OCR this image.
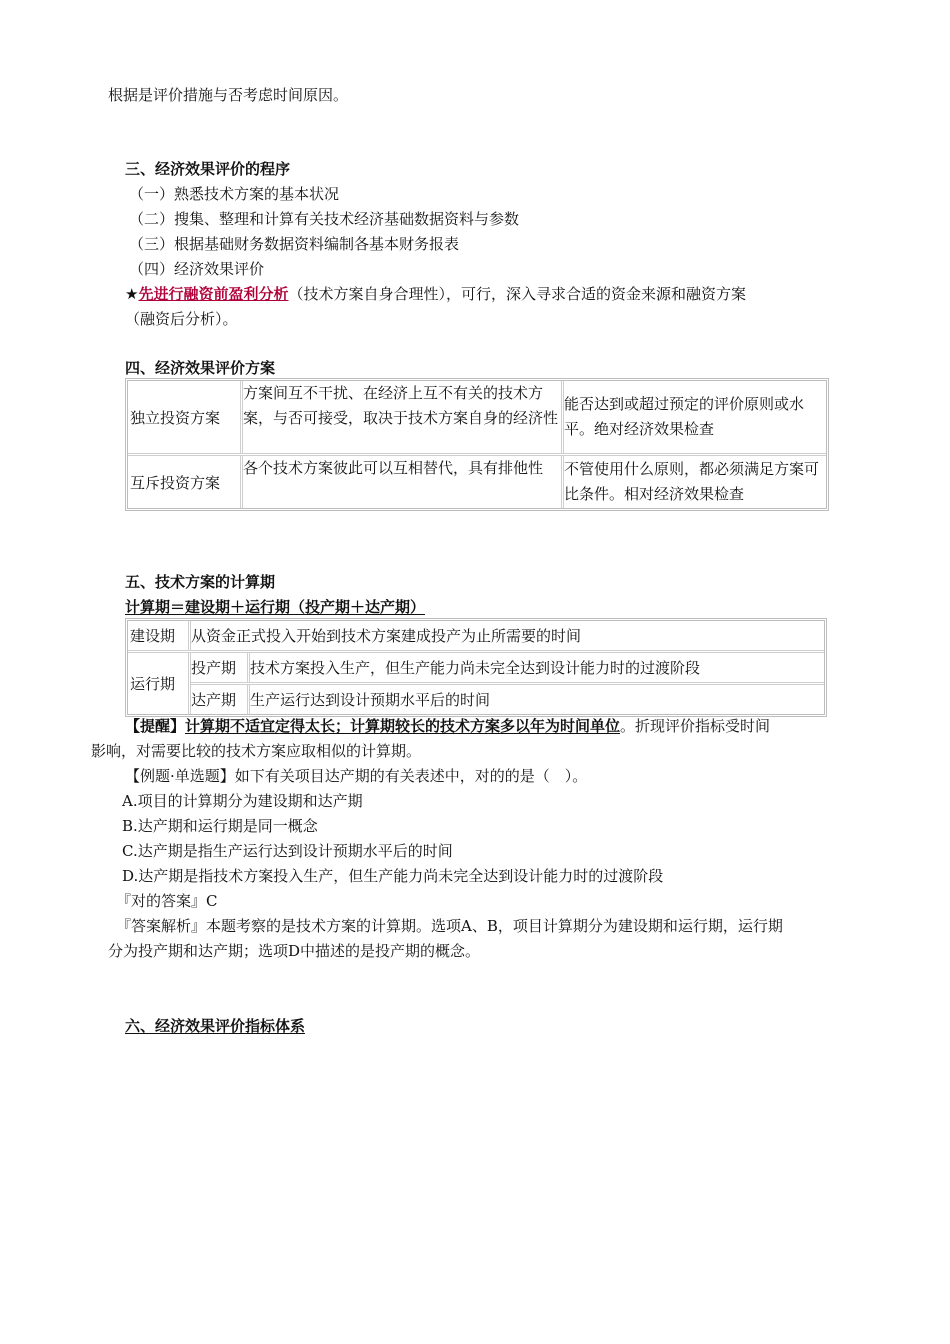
根据是评价措施与否考虑时间原因。
三、经济效果评价的程序
（一）熟悉技术方案的基本状况
（二）搜集、整理和计算有关技术经济基础数据资料与参数
（三）根据基础财务数据资料编制各基本财务报表
（四）经济效果评价
★先进行融资前盈利分析（技术方案自身合理性），可行，深入寻求合适的资金来源和融资方案
（融资后分析）。
四、经济效果评价方案
独立投资方案
方案间互不干扰、在经济上互不有关的技术方案，与否可接受，取决于技术方案自身的经济性
能否达到或超过预定的评价原则或水平。绝对经济效果检查
互斥投资方案
各个技术方案彼此可以互相替代，具有排他性	不管使用什么原则，都必须满足方案可比条件。相对经济效果检查
五、技术方案的计算期
计算期＝建设期＋运行期（投产期＋达产期）
建设期	从资金正式投入开始到技术方案建成投产为止所需要的时间
运行期
投产期 技术方案投入生产，但生产能力尚未完全达到设计能力时的过渡阶段
达产期 生产运行达到设计预期水平后的时间
【提醒】计算期不适宜定得太长；计算期较长的技术方案多以年为时间单位。折现评价指标受时间
影响，对需要比较的技术方案应取相似的计算期。
【例题·单选题】如下有关项目达产期的有关表述中，对的的是（　）。
A.项目的计算期分为建设期和达产期
B.达产期和运行期是同一概念
C.达产期是指生产运行达到设计预期水平后的时间
D.达产期是指技术方案投入生产，但生产能力尚未完全达到设计能力时的过渡阶段
『对的答案』C
『答案解析』本题考察的是技术方案的计算期。选项A、B，项目计算期分为建设期和运行期，运行期
分为投产期和达产期；选项D中描述的是投产期的概念。
六、经济效果评价指标体系
